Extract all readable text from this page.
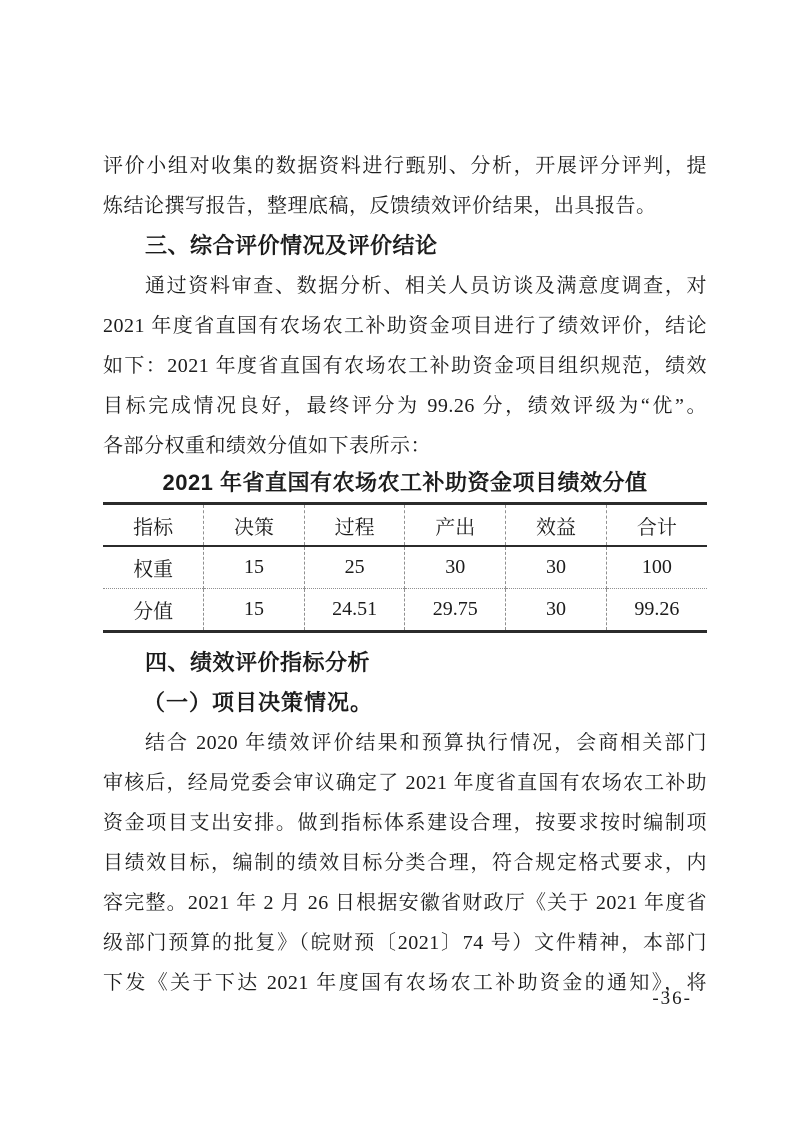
评价小组对收集的数据资料进行甄别、分析，开展评分评判，提
炼结论撰写报告，整理底稿，反馈绩效评价结果，出具报告。
三、综合评价情况及评价结论
通过资料审查、数据分析、相关人员访谈及满意度调查，对
2021 年度省直国有农场农工补助资金项目进行了绩效评价，结论
如下：2021 年度省直国有农场农工补助资金项目组织规范，绩效
目标完成情况良好，最终评分为 99.26 分，绩效评级为“优”。
各部分权重和绩效分值如下表所示：
2021 年省直国有农场农工补助资金项目绩效分值
指标	决策	过程	产出	效益	合计
权重	15	25	30	30	100
分值	15	24.51	29.75	30	99.26
四、绩效评价指标分析
（一）项目决策情况。
结合 2020 年绩效评价结果和预算执行情况，会商相关部门
审核后，经局党委会审议确定了 2021 年度省直国有农场农工补助
资金项目支出安排。做到指标体系建设合理，按要求按时编制项
目绩效目标，编制的绩效目标分类合理，符合规定格式要求，内
容完整。2021 年 2 月 26 日根据安徽省财政厅《关于 2021 年度省
级部门预算的批复》（皖财预〔2021〕74 号）文件精神，本部门
下发《关于下达 2021 年度国有农场农工补助资金的通知》，将
-36-
